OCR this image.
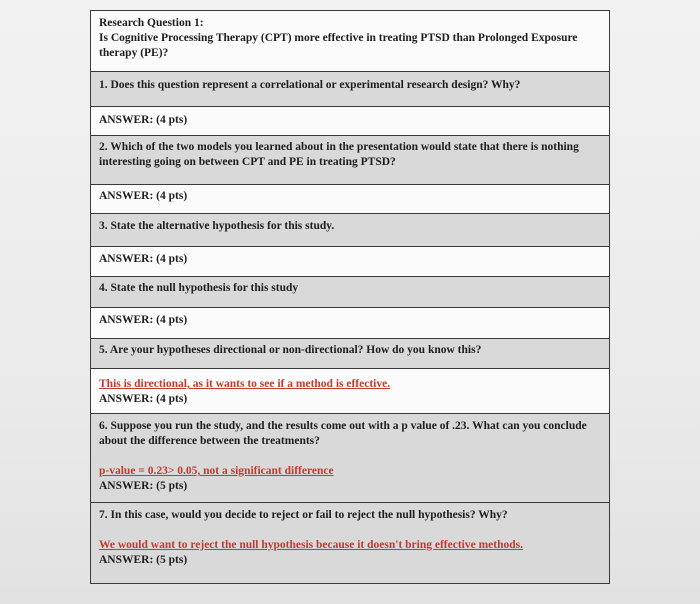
Research Question 1:
Is Cognitive Processing Therapy (CPT) more effective in treating PTSD than Prolonged Exposure therapy (PE)?
1. Does this question represent a correlational or experimental research design? Why?
ANSWER: (4 pts)
2. Which of the two models you learned about in the presentation would state that there is nothing interesting going on between CPT and PE in treating PTSD?
ANSWER: (4 pts)
3. State the alternative hypothesis for this study.
ANSWER: (4 pts)
4. State the null hypothesis for this study
ANSWER: (4 pts)
5. Are your hypotheses directional or non-directional? How do you know this?
This is directional, as it wants to see if a method is effective.
ANSWER: (4 pts)
6. Suppose you run the study, and the results come out with a p value of .23. What can you conclude about the difference between the treatments?
p-value = 0.23> 0.05, not a significant difference
ANSWER: (5 pts)
7. In this case, would you decide to reject or fail to reject the null hypothesis? Why?
We would want to reject the null hypothesis because it doesn't bring effective methods.
ANSWER: (5 pts)
